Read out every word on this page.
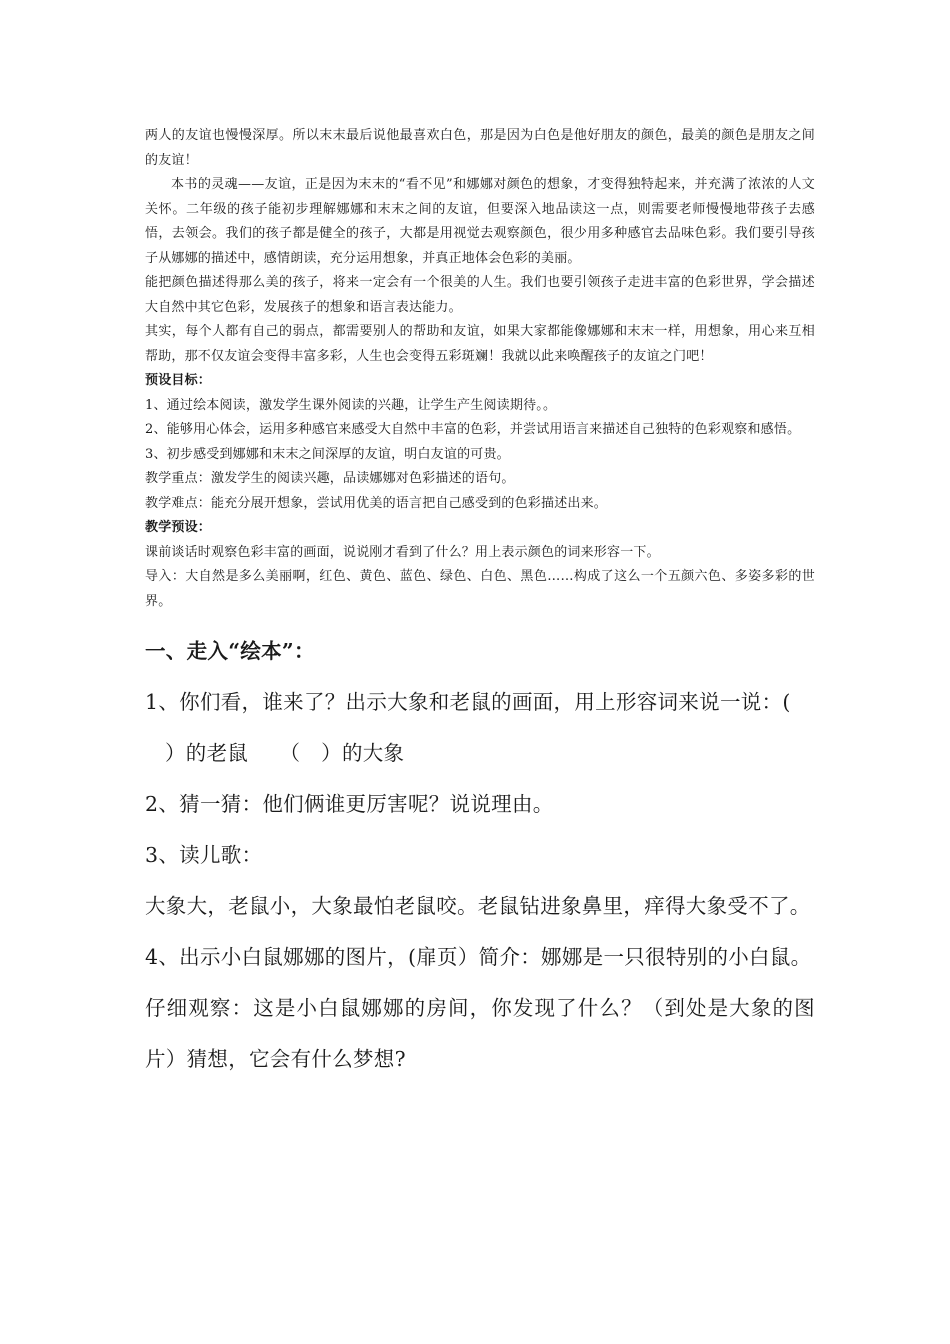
两人的友谊也慢慢深厚。所以末末最后说他最喜欢白色，那是因为白色是他好朋友的颜色，最美的颜色是朋友之间的友谊！

本书的灵魂——友谊，正是因为末末的“看不见”和娜娜对颜色的想象，才变得独特起来，并充满了浓浓的人文关怀。二年级的孩子能初步理解娜娜和末末之间的友谊，但要深入地品读这一点，则需要老师慢慢地带孩子去感悟，去领会。我们的孩子都是健全的孩子，大都是用视觉去观察颜色，很少用多种感官去品味色彩。我们要引导孩子从娜娜的描述中，感情朗读，充分运用想象，并真正地体会色彩的美丽。

能把颜色描述得那么美的孩子，将来一定会有一个很美的人生。我们也要引领孩子走进丰富的色彩世界，学会描述大自然中其它色彩，发展孩子的想象和语言表达能力。

其实，每个人都有自己的弱点，都需要别人的帮助和友谊，如果大家都能像娜娜和末末一样，用想象，用心来互相帮助，那不仅友谊会变得丰富多彩，人生也会变得五彩斑斓！我就以此来唤醒孩子的友谊之门吧！

预设目标：

1、通过绘本阅读，激发学生课外阅读的兴趣，让学生产生阅读期待。。

2、能够用心体会，运用多种感官来感受大自然中丰富的色彩，并尝试用语言来描述自己独特的色彩观察和感悟。

3、初步感受到娜娜和末末之间深厚的友谊，明白友谊的可贵。

教学重点：激发学生的阅读兴趣，品读娜娜对色彩描述的语句。

教学难点：能充分展开想象，尝试用优美的语言把自己感受到的色彩描述出来。

教学预设：

课前谈话时观察色彩丰富的画面，说说刚才看到了什么？用上表示颜色的词来形容一下。

导入：大自然是多么美丽啊，红色、黄色、蓝色、绿色、白色、黑色……构成了这么一个五颜六色、多姿多彩的世界。

一、走入“绘本”：

1、你们看，谁来了？出示大象和老鼠的画面，用上形容词来说一说：(

）的老鼠　　（　）的大象

2、猜一猜：他们俩谁更厉害呢？说说理由。

3、读儿歌：

大象大，老鼠小，大象最怕老鼠咬。老鼠钻进象鼻里，痒得大象受不了。

4、出示小白鼠娜娜的图片，(扉页）简介：娜娜是一只很特别的小白鼠。

仔细观察：这是小白鼠娜娜的房间，你发现了什么？（到处是大象的图片）猜想，它会有什么梦想?
